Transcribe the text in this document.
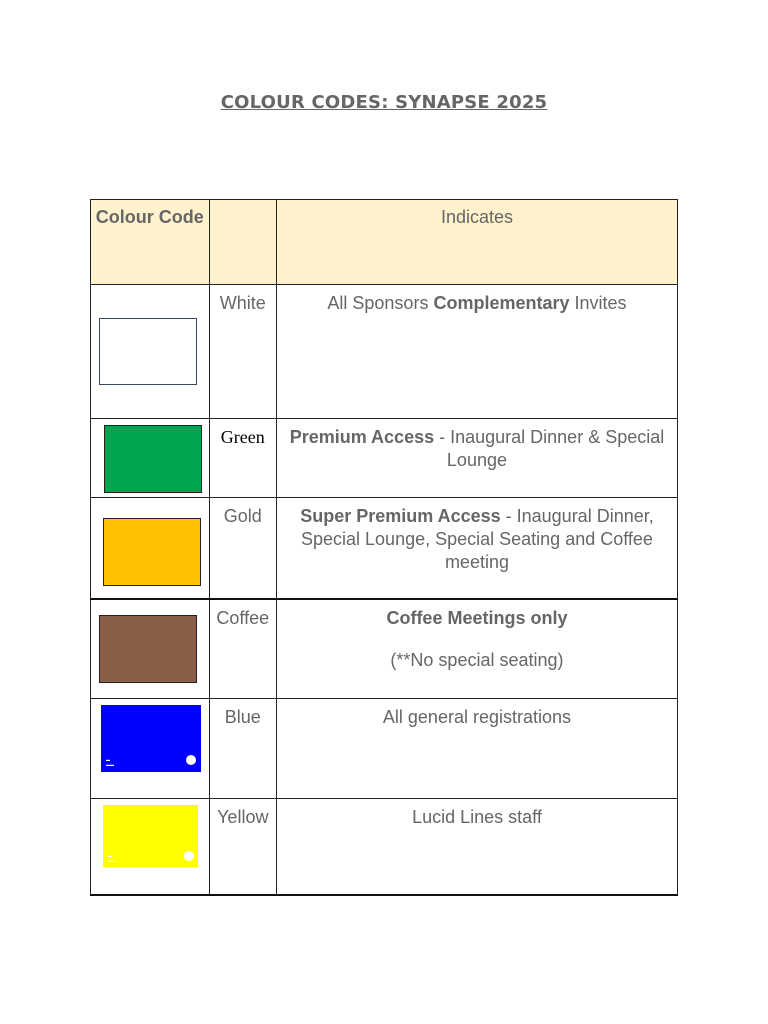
COLOUR CODES: SYNAPSE 2025
Colour Code		Indicates

	White	All Sponsors Complementary Invites

	Green	Premium Access - Inaugural Dinner & Special Lounge

	Gold	Super Premium Access - Inaugural Dinner, Special Lounge, Special Seating and Coffee meeting

	Coffee	Coffee Meetings only
(**No special seating)

▬
▬▬	Blue	All general registrations

▬
▬▬	Yellow	Lucid Lines staff
